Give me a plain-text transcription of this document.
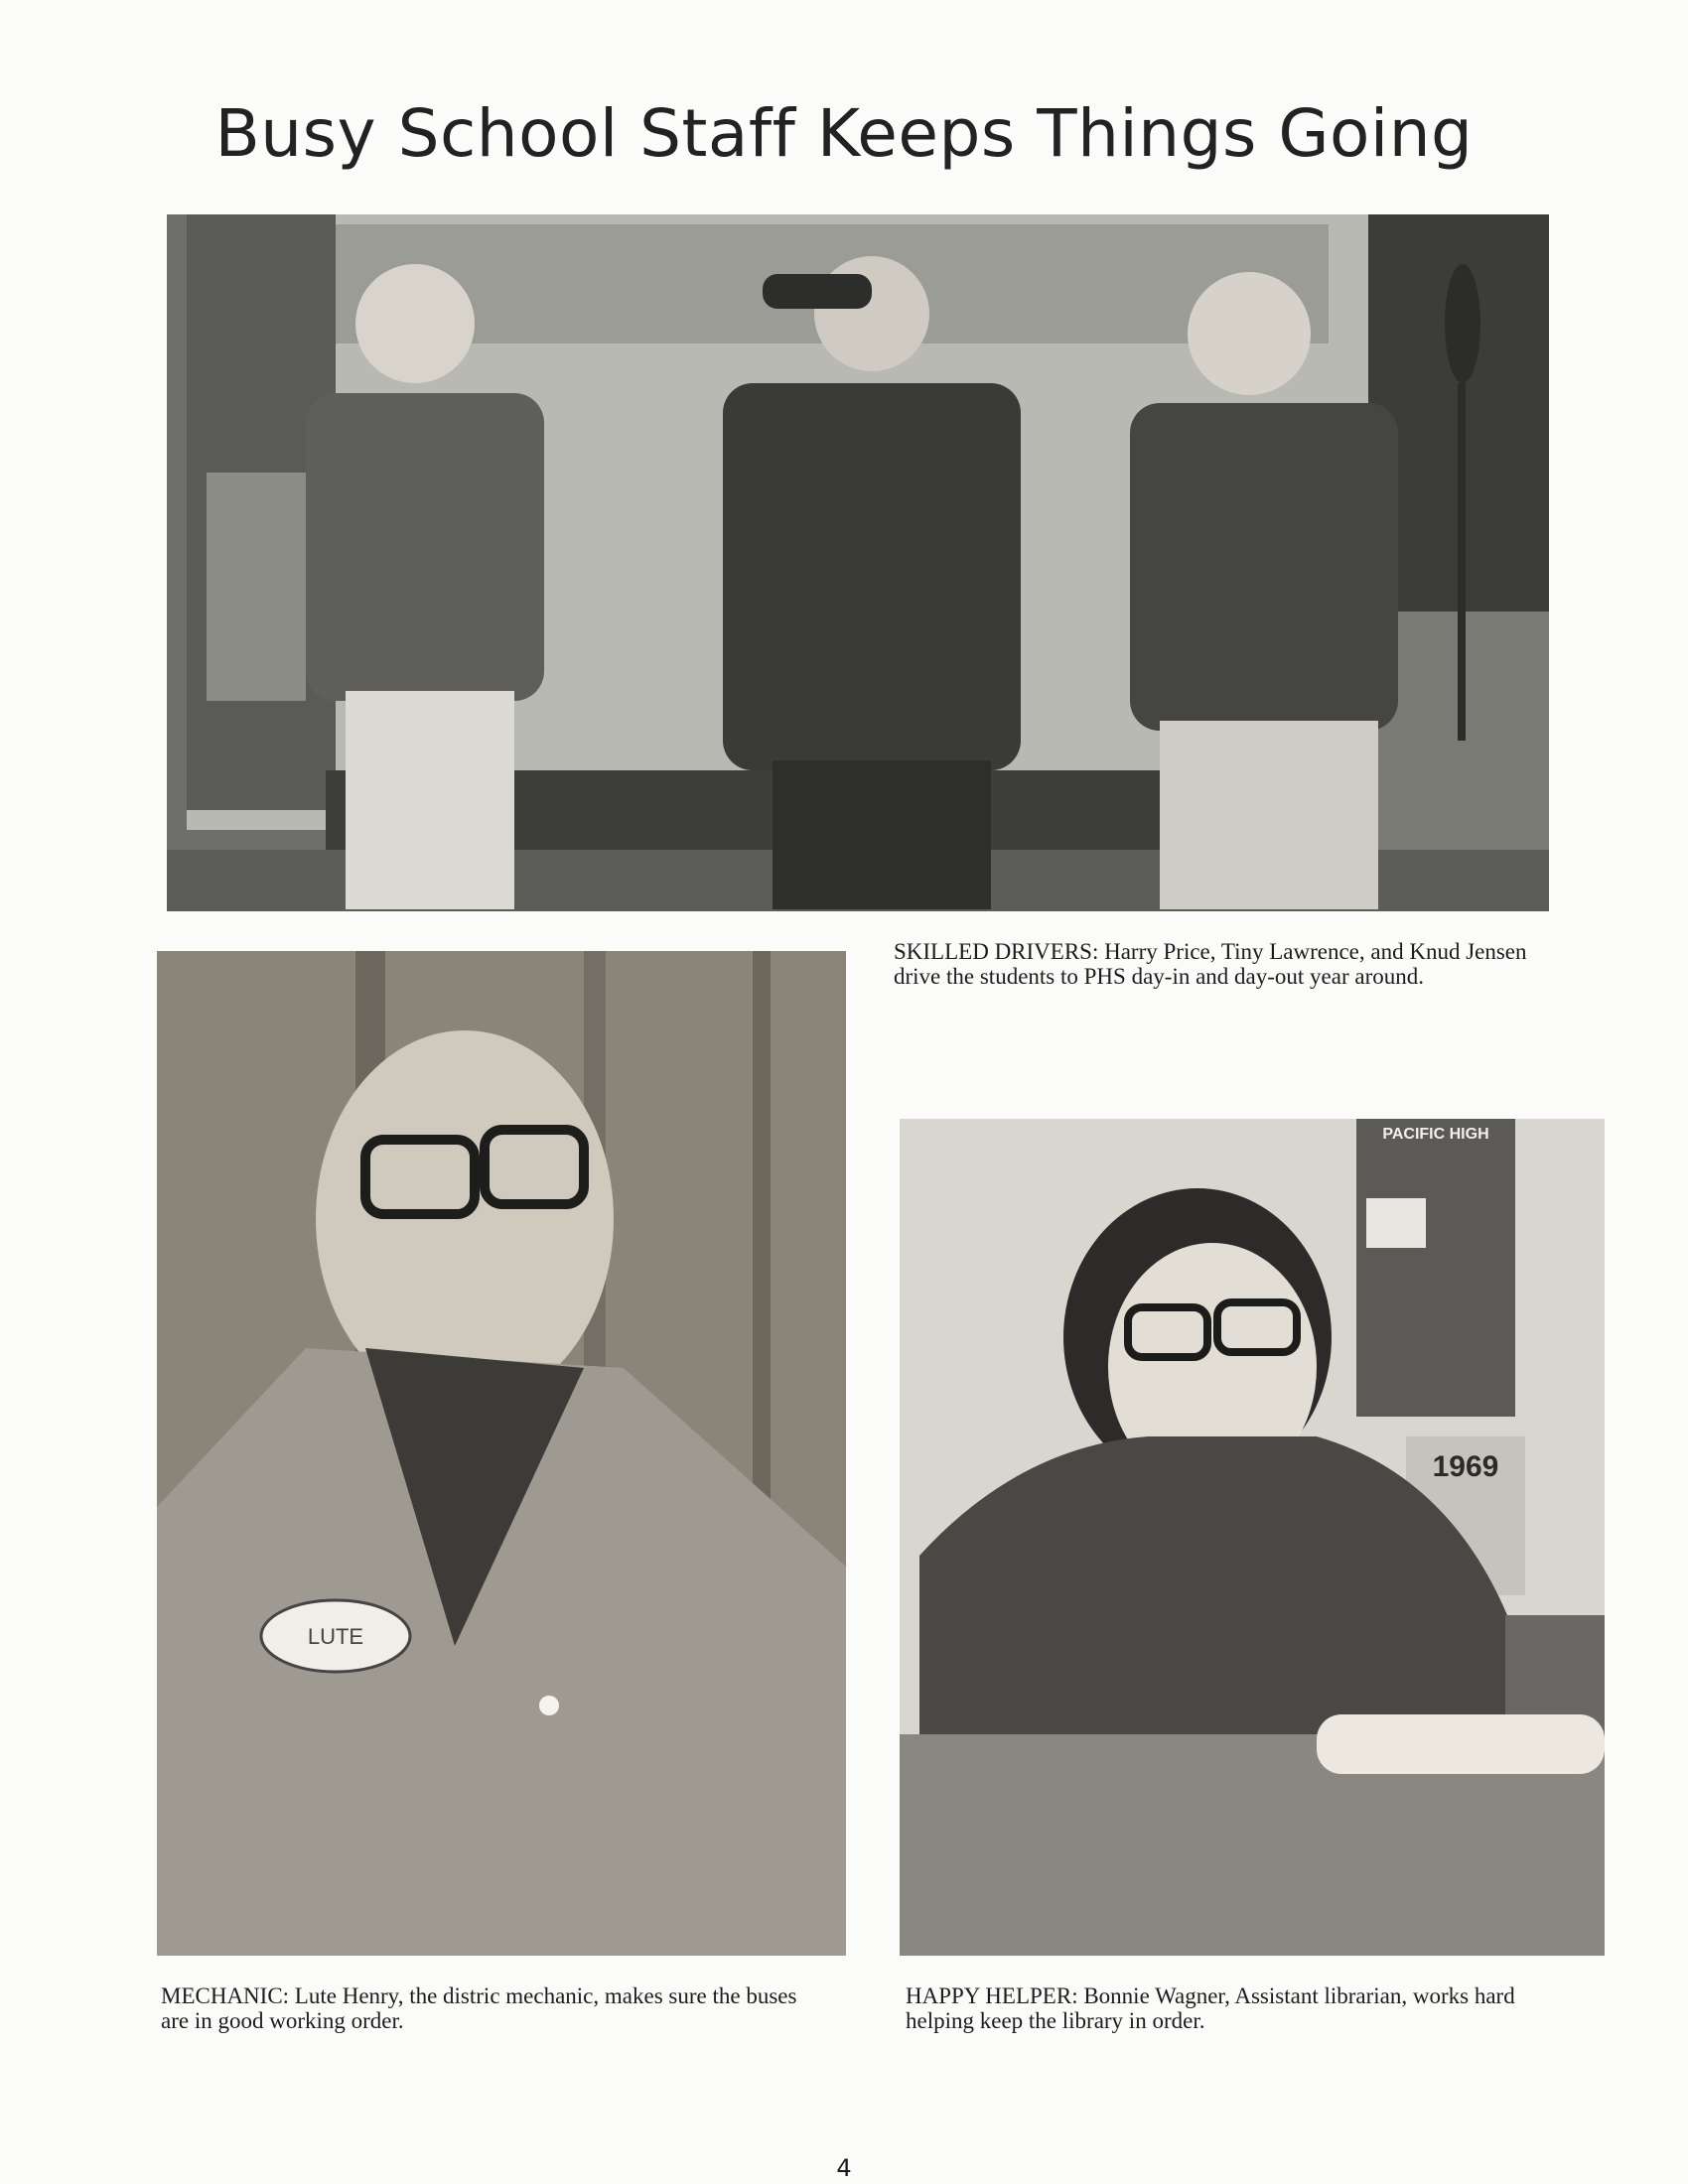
Busy School Staff Keeps Things Going

SKILLED DRIVERS: Harry Price, Tiny Lawrence, and Knud Jensen drive the students to PHS day-in and day-out year around.

LUTE

MECHANIC: Lute Henry, the distric mechanic, makes sure the buses are in good working order.

PACIFIC HIGH
1969

HAPPY HELPER: Bonnie Wagner, Assistant librarian, works hard helping keep the library in order.

4
